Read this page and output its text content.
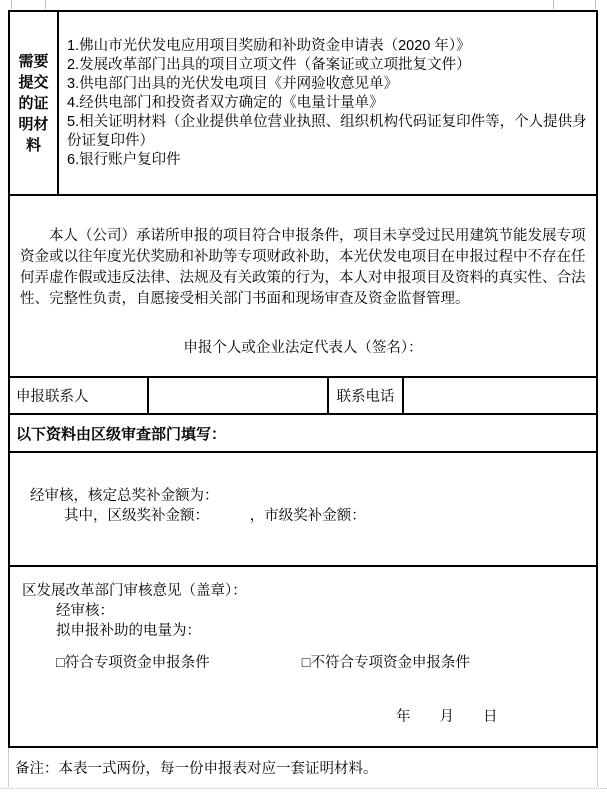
需要
提交
的证
明材
料
1.佛山市光伏发电应用项目奖励和补助资金申请表（2020 年）》
2.发展改革部门出具的项目立项文件（备案证或立项批复文件）
3.供电部门出具的光伏发电项目《并网验收意见单》
4.经供电部门和投资者双方确定的《电量计量单》
5.相关证明材料（企业提供单位营业执照、组织机构代码证复印件等，个人提供身份证复印件）
6.银行账户复印件
本人（公司）承诺所申报的项目符合申报条件，项目未享受过民用建筑节能发展专项资金或以往年度光伏奖励和补助等专项财政补助，本光伏发电项目在申报过程中不存在任何弄虚作假或违反法律、法规及有关政策的行为，本人对申报项目及资料的真实性、合法性、完整性负责，自愿接受相关部门书面和现场审查及资金监督管理。
申报个人或企业法定代表人（签名）：
申报联系人	联系电话
以下资料由区级审查部门填写：
经审核，核定总奖补金额为：
其中，区级奖补金额：	，市级奖补金额：
区发展改革部门审核意见（盖章）：
经审核：
拟申报补助的电量为：
□符合专项资金申报条件	□不符合专项资金申报条件
年　　月　　日
备注：本表一式两份，每一份申报表对应一套证明材料。
